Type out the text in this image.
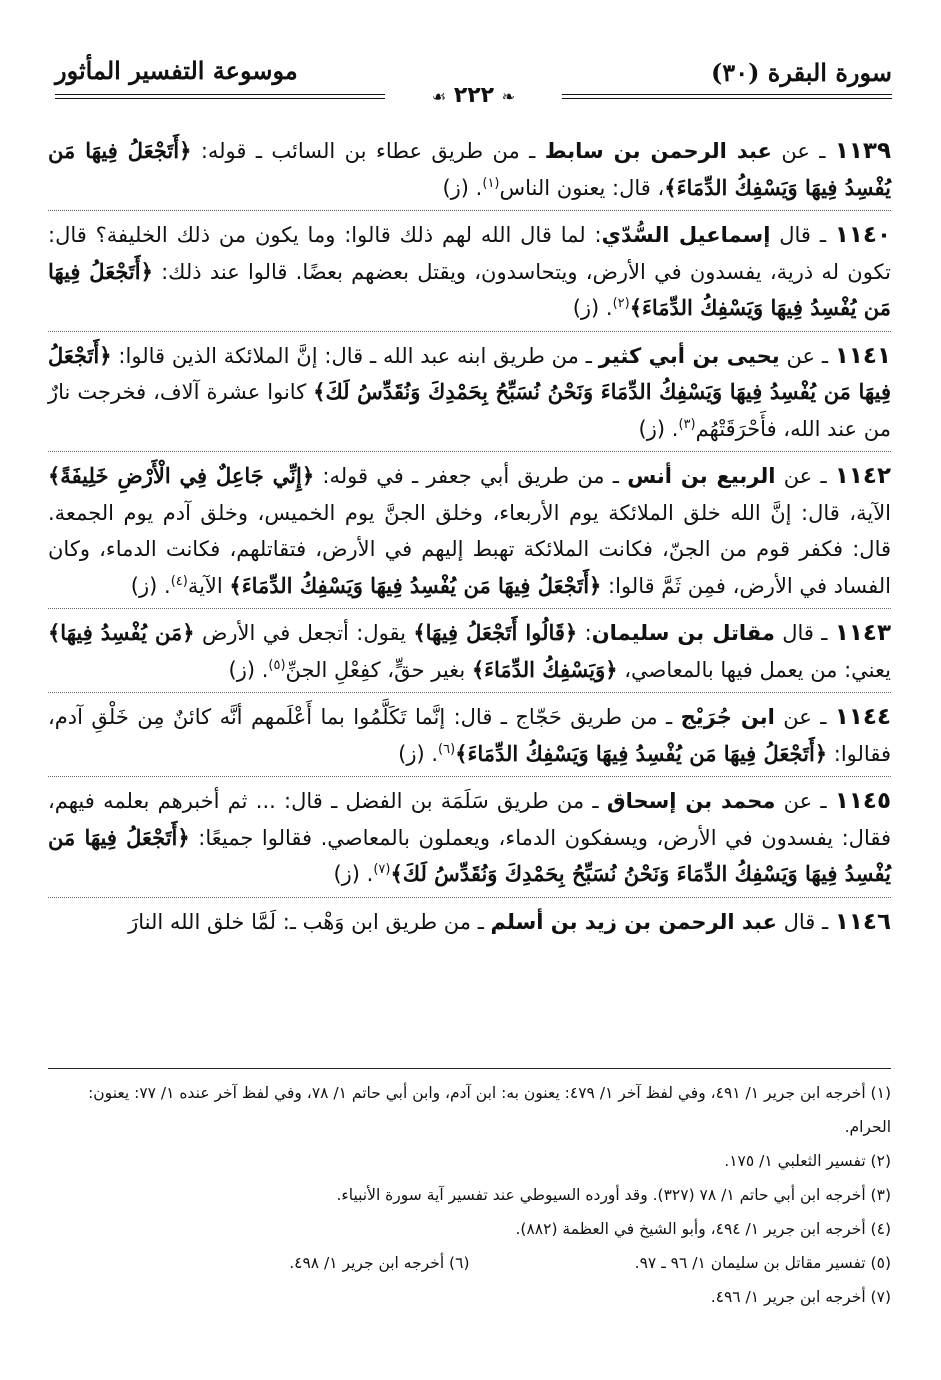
سورة البقرة (٣٠)
موسوعة التفسير المأثور
❧ ٢٢٢ ☙

١١٣٩ ـ عن عبد الرحمن بن سابط ـ من طريق عطاء بن السائب ـ قوله: ﴿أَتَجْعَلُ فِيهَا مَن يُفْسِدُ فِيهَا وَيَسْفِكُ الدِّمَاءَ﴾، قال: يعنون الناس$^{(١)}$. (ز)

١١٤٠ ـ قال إسماعيل السُّدّي: لما قال الله لهم ذلك قالوا: وما يكون من ذلك الخليفة؟ قال: تكون له ذرية، يفسدون في الأرض، ويتحاسدون، ويقتل بعضهم بعضًا. قالوا عند ذلك: ﴿أَتَجْعَلُ فِيهَا مَن يُفْسِدُ فِيهَا وَيَسْفِكُ الدِّمَاءَ﴾$^{(٢)}$. (ز)

١١٤١ ـ عن يحيى بن أبي كثير ـ من طريق ابنه عبد الله ـ قال: إنَّ الملائكة الذين قالوا: ﴿أَتَجْعَلُ فِيهَا مَن يُفْسِدُ فِيهَا وَيَسْفِكُ الدِّمَاءَ وَنَحْنُ نُسَبِّحُ بِحَمْدِكَ وَنُقَدِّسُ لَكَ﴾ كانوا عشرة آلاف، فخرجت نارٌ من عند الله، فأَحْرَقَتْهُم$^{(٣)}$. (ز)

١١٤٢ ـ عن الربيع بن أنس ـ من طريق أبي جعفر ـ في قوله: ﴿إِنِّي جَاعِلٌ فِي الْأَرْضِ خَلِيفَةً﴾ الآية، قال: إنَّ الله خلق الملائكة يوم الأربعاء، وخلق الجنَّ يوم الخميس، وخلق آدم يوم الجمعة. قال: فكفر قوم من الجنّ، فكانت الملائكة تهبط إليهم في الأرض، فتقاتلهم، فكانت الدماء، وكان الفساد في الأرض، فمِن ثَمَّ قالوا: ﴿أَتَجْعَلُ فِيهَا مَن يُفْسِدُ فِيهَا وَيَسْفِكُ الدِّمَاءَ﴾ الآية$^{(٤)}$. (ز)

١١٤٣ ـ قال مقاتل بن سليمان: ﴿قَالُوا أَتَجْعَلُ فِيهَا﴾ يقول: أتجعل في الأرض ﴿مَن يُفْسِدُ فِيهَا﴾ يعني: من يعمل فيها بالمعاصي، ﴿وَيَسْفِكُ الدِّمَاءَ﴾ بغير حقٍّ، كفِعْلِ الجنِّ$^{(٥)}$. (ز)

١١٤٤ ـ عن ابن جُرَيْج ـ من طريق حَجّاج ـ قال: إنَّما تَكَلَّمُوا بما أَعْلَمهم أنَّه كائنٌ مِن خَلْقِ آدم، فقالوا: ﴿أَتَجْعَلُ فِيهَا مَن يُفْسِدُ فِيهَا وَيَسْفِكُ الدِّمَاءَ﴾$^{(٦)}$. (ز)

١١٤٥ ـ عن محمد بن إسحاق ـ من طريق سَلَمَة بن الفضل ـ قال: ... ثم أخبرهم بعلمه فيهم، فقال: يفسدون في الأرض، ويسفكون الدماء، ويعملون بالمعاصي. فقالوا جميعًا: ﴿أَتَجْعَلُ فِيهَا مَن يُفْسِدُ فِيهَا وَيَسْفِكُ الدِّمَاءَ وَنَحْنُ نُسَبِّحُ بِحَمْدِكَ وَنُقَدِّسُ لَكَ﴾$^{(٧)}$. (ز)

١١٤٦ ـ قال عبد الرحمن بن زيد بن أسلم ـ من طريق ابن وَهْب ـ: لَمَّا خلق الله النارَ

(١) أخرجه ابن جرير ١/ ٤٩١، وفي لفظ آخر ١/ ٤٧٩: يعنون به: ابن آدم، وابن أبي حاتم ١/ ٧٨، وفي لفظ آخر عنده ١/ ٧٧: يعنون: الحرام.

(٢) تفسير الثعلبي ١/ ١٧٥.

(٣) أخرجه ابن أبي حاتم ١/ ٧٨ (٣٢٧). وقد أورده السيوطي عند تفسير آية سورة الأنبياء.

(٤) أخرجه ابن جرير ١/ ٤٩٤، وأبو الشيخ في العظمة (٨٨٢).

(٥) تفسير مقاتل بن سليمان ١/ ٩٦ ـ ٩٧.

(٦) أخرجه ابن جرير ١/ ٤٩٨.

(٧) أخرجه ابن جرير ١/ ٤٩٦.
